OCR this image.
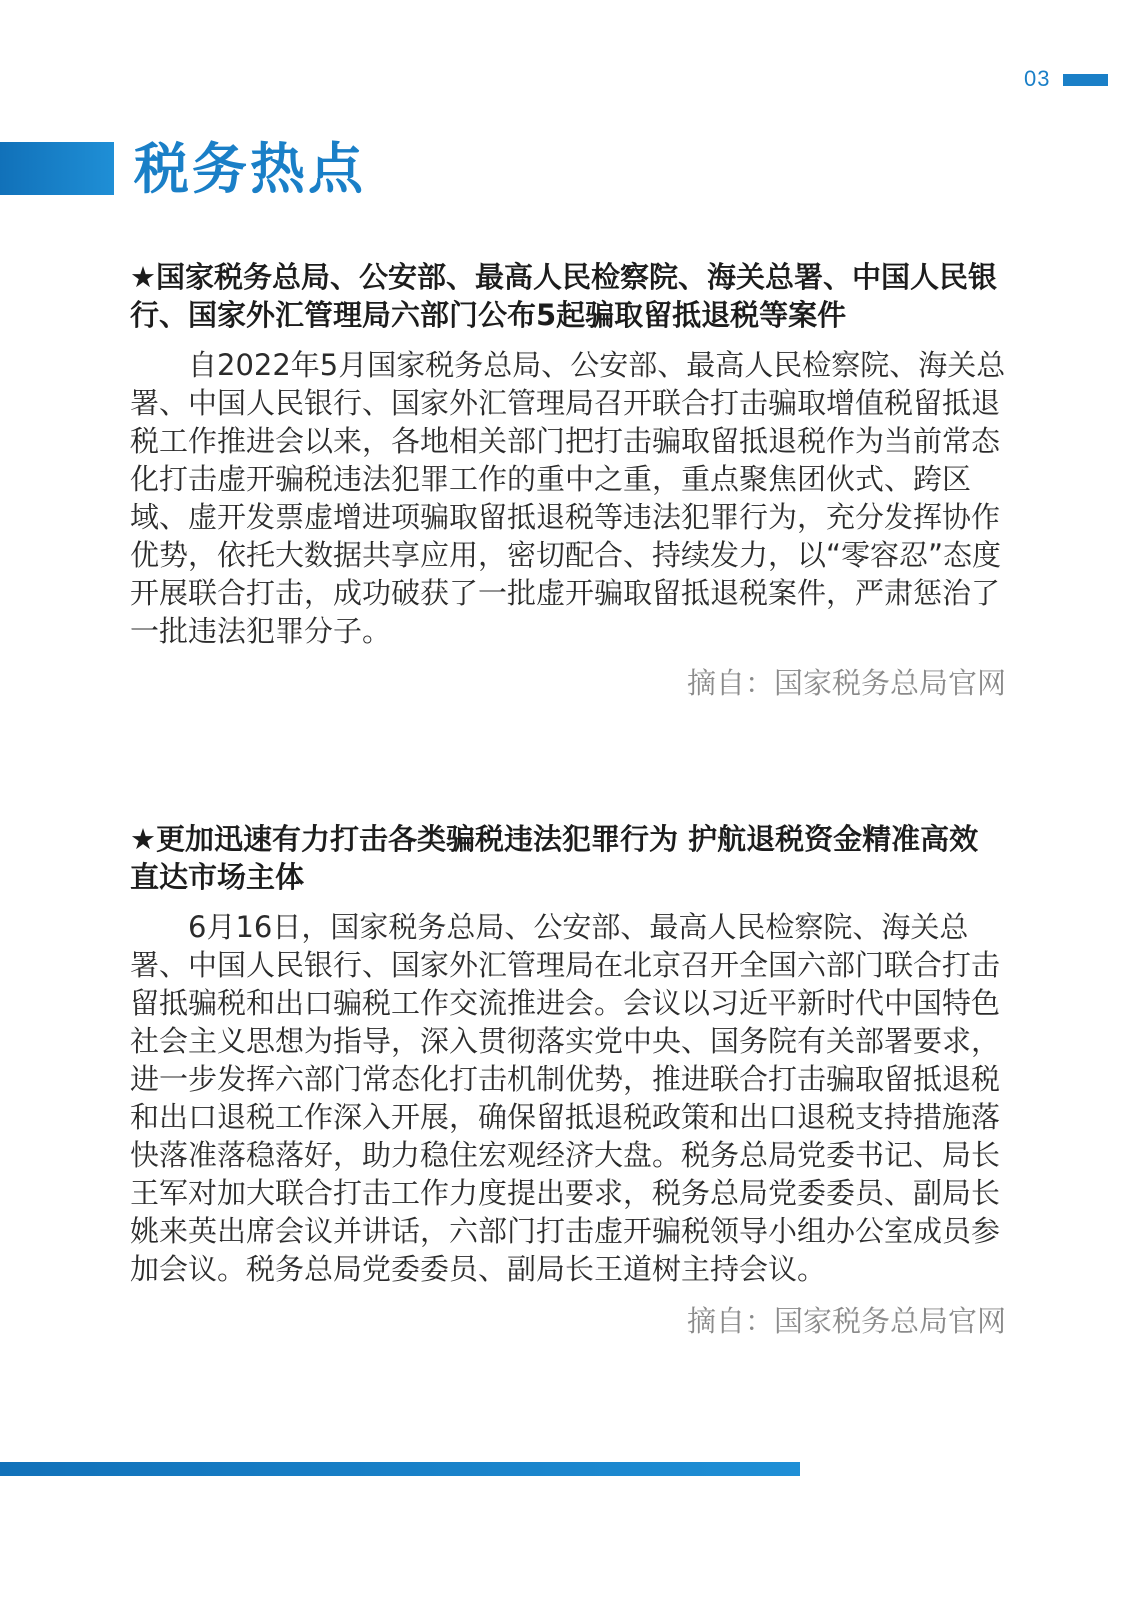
03
税务热点
★国家税务总局、公安部、最高人民检察院、海关总署、中国人民银行、国家外汇管理局六部门公布5起骗取留抵退税等案件

自2022年5月国家税务总局、公安部、最高人民检察院、海关总署、中国人民银行、国家外汇管理局召开联合打击骗取增值税留抵退税工作推进会以来，各地相关部门把打击骗取留抵退税作为当前常态化打击虚开骗税违法犯罪工作的重中之重，重点聚焦团伙式、跨区域、虚开发票虚增进项骗取留抵退税等违法犯罪行为，充分发挥协作优势，依托大数据共享应用，密切配合、持续发力，以“零容忍”态度开展联合打击，成功破获了一批虚开骗取留抵退税案件，严肃惩治了一批违法犯罪分子。

摘自：国家税务总局官网

★更加迅速有力打击各类骗税违法犯罪行为 护航退税资金精准高效直达市场主体

6月16日，国家税务总局、公安部、最高人民检察院、海关总署、中国人民银行、国家外汇管理局在北京召开全国六部门联合打击留抵骗税和出口骗税工作交流推进会。会议以习近平新时代中国特色社会主义思想为指导，深入贯彻落实党中央、国务院有关部署要求，进一步发挥六部门常态化打击机制优势，推进联合打击骗取留抵退税和出口退税工作深入开展，确保留抵退税政策和出口退税支持措施落快落准落稳落好，助力稳住宏观经济大盘。税务总局党委书记、局长王军对加大联合打击工作力度提出要求，税务总局党委委员、副局长姚来英出席会议并讲话，六部门打击虚开骗税领导小组办公室成员参加会议。税务总局党委委员、副局长王道树主持会议。

摘自：国家税务总局官网
